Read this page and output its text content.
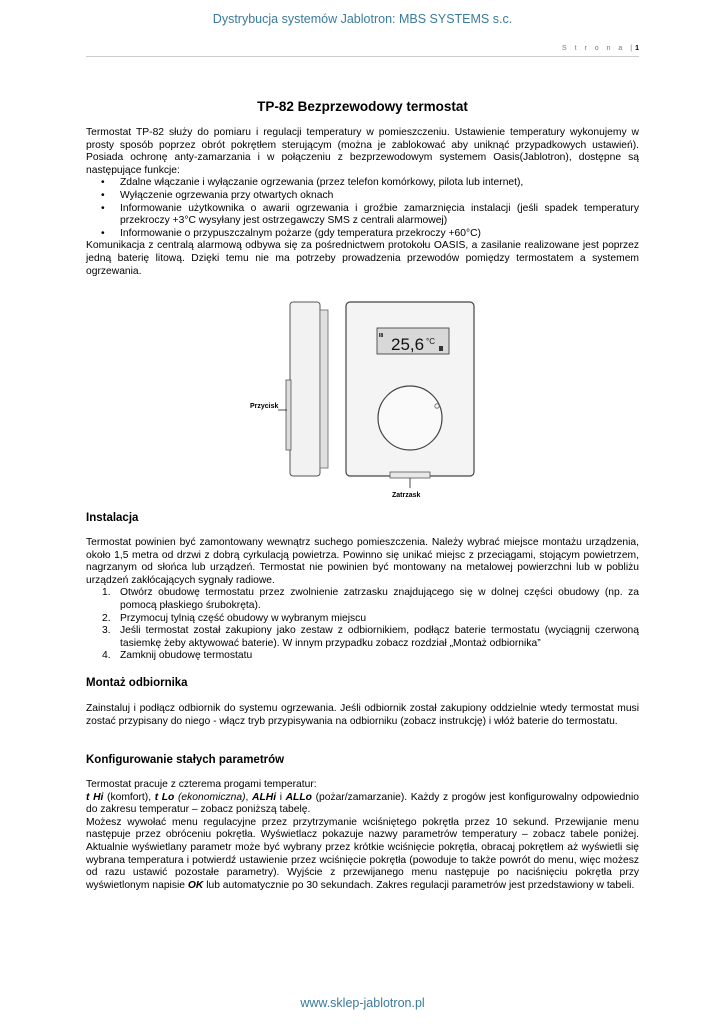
Dystrybucja systemów Jablotron: MBS SYSTEMS s.c.
S t r o n a |1
TP-82 Bezprzewodowy termostat

Termostat TP-82 służy do pomiaru i regulacji temperatury w pomieszczeniu. Ustawienie temperatury wykonujemy w prosty sposób poprzez obrót pokrętłem sterującym (można je zablokować aby uniknąć przypadkowych ustawień). Posiada ochronę anty-zamarzania i w połączeniu z bezprzewodowym systemem Oasis(Jablotron), dostępne są następujące funkcje:

• Zdalne włączanie i wyłączanie ogrzewania (przez telefon komórkowy, pilota lub internet),
• Wyłączenie ogrzewania przy otwartych oknach
• Informowanie użytkownika o awarii ogrzewania i groźbie zamarznięcia instalacji (jeśli spadek temperatury przekroczy +3°C wysyłany jest ostrzegawczy SMS z centrali alarmowej)
• Informowanie o przypuszczalnym pożarze (gdy temperatura przekroczy +60°C)

Komunikacja z centralą alarmową odbywa się za pośrednictwem protokołu OASIS, a zasilanie realizowane jest poprzez jedną baterię litową. Dzięki temu nie ma potrzeby prowadzenia przewodów pomiędzy termostatem a systemem ogrzewania.

Przycisk
I8 25,6 °C
Zatrzask
Instalacja

Termostat powinien być zamontowany wewnątrz suchego pomieszczenia. Należy wybrać miejsce montażu urządzenia, około 1,5 metra od drzwi z dobrą cyrkulacją powietrza. Powinno się unikać miejsc z przeciągami, stojącym powietrzem, nagrzanym od słońca lub urządzeń. Termostat nie powinien być montowany na metalowej powierzchni lub w pobliżu urządzeń zakłócających sygnały radiowe.

1. Otwórz obudowę termostatu przez zwolnienie zatrzasku znajdującego się w dolnej części obudowy (np. za pomocą płaskiego śrubokręta).
2. Przymocuj tylnią część obudowy w wybranym miejscu
3. Jeśli termostat został zakupiony jako zestaw z odbiornikiem, podłącz baterie termostatu (wyciągnij czerwoną tasiemkę żeby aktywować baterie). W innym przypadku zobacz rozdział „Montaż odbiornika”
4. Zamknij obudowę termostatu
Montaż odbiornika

Zainstaluj i podłącz odbiornik do systemu ogrzewania. Jeśli odbiornik został zakupiony oddzielnie wtedy termostat musi zostać przypisany do niego - włącz tryb przypisywania na odbiorniku (zobacz instrukcję) i włóż baterie do termostatu.

Konfigurowanie stałych parametrów

Termostat pracuje z czterema progami temperatur:

t Hi (komfort), t Lo (ekonomiczna), ALHi i ALLo (pożar/zamarzanie). Każdy z progów jest konfigurowalny odpowiednio do zakresu temperatur – zobacz poniższą tabelę.

Możesz wywołać menu regulacyjne przez przytrzymanie wciśniętego pokrętła przez 10 sekund. Przewijanie menu następuje przez obróceniu pokrętła. Wyświetlacz pokazuje nazwy parametrów temperatury – zobacz tabele poniżej. Aktualnie wyświetlany parametr może być wybrany przez krótkie wciśnięcie pokrętła, obracaj pokrętłem aż wyświetli się wybrana temperatura i potwierdź ustawienie przez wciśnięcie pokrętła (powoduje to także powrót do menu, więc możesz od razu ustawić pozostałe parametry). Wyjście z przewijanego menu następuje po naciśnięciu pokrętła przy wyświetlonym napisie OK lub automatycznie po 30 sekundach. Zakres regulacji parametrów jest przedstawiony w tabeli.

www.sklep-jablotron.pl
